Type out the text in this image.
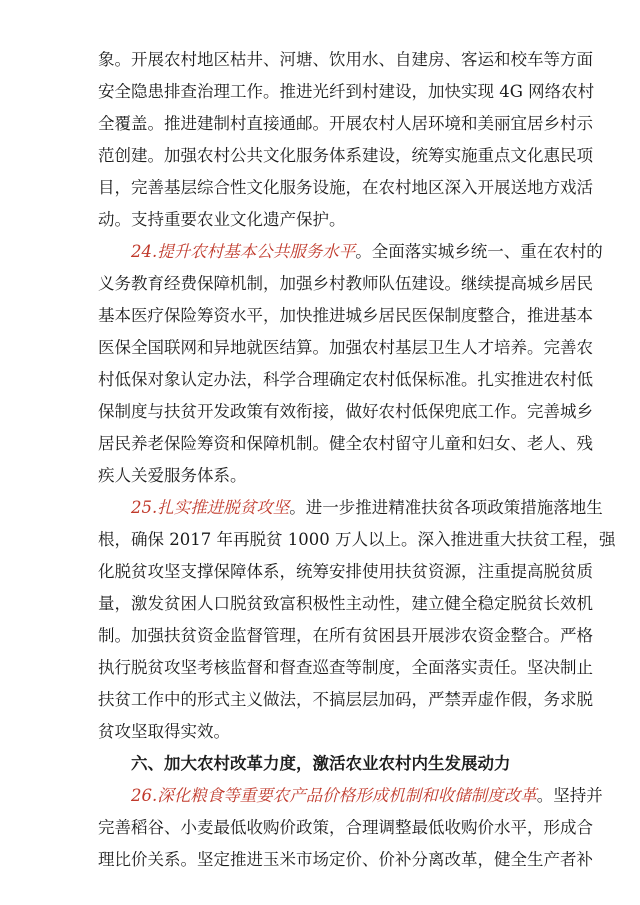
象。开展农村地区枯井、河塘、饮用水、自建房、客运和校车等方面
安全隐患排查治理工作。推进光纤到村建设，加快实现 4G 网络农村
全覆盖。推进建制村直接通邮。开展农村人居环境和美丽宜居乡村示
范创建。加强农村公共文化服务体系建设，统筹实施重点文化惠民项
目，完善基层综合性文化服务设施，在农村地区深入开展送地方戏活
动。支持重要农业文化遗产保护。
24.提升农村基本公共服务水平。全面落实城乡统一、重在农村的
义务教育经费保障机制，加强乡村教师队伍建设。继续提高城乡居民
基本医疗保险筹资水平，加快推进城乡居民医保制度整合，推进基本
医保全国联网和异地就医结算。加强农村基层卫生人才培养。完善农
村低保对象认定办法，科学合理确定农村低保标准。扎实推进农村低
保制度与扶贫开发政策有效衔接，做好农村低保兜底工作。完善城乡
居民养老保险筹资和保障机制。健全农村留守儿童和妇女、老人、残
疾人关爱服务体系。
25.扎实推进脱贫攻坚。进一步推进精准扶贫各项政策措施落地生
根，确保 2017 年再脱贫 1000 万人以上。深入推进重大扶贫工程，强
化脱贫攻坚支撑保障体系，统筹安排使用扶贫资源，注重提高脱贫质
量，激发贫困人口脱贫致富积极性主动性，建立健全稳定脱贫长效机
制。加强扶贫资金监督管理，在所有贫困县开展涉农资金整合。严格
执行脱贫攻坚考核监督和督查巡查等制度，全面落实责任。坚决制止
扶贫工作中的形式主义做法，不搞层层加码，严禁弄虚作假，务求脱
贫攻坚取得实效。
六、加大农村改革力度，激活农业农村内生发展动力
26.深化粮食等重要农产品价格形成机制和收储制度改革。坚持并
完善稻谷、小麦最低收购价政策，合理调整最低收购价水平，形成合
理比价关系。坚定推进玉米市场定价、价补分离改革，健全生产者补
